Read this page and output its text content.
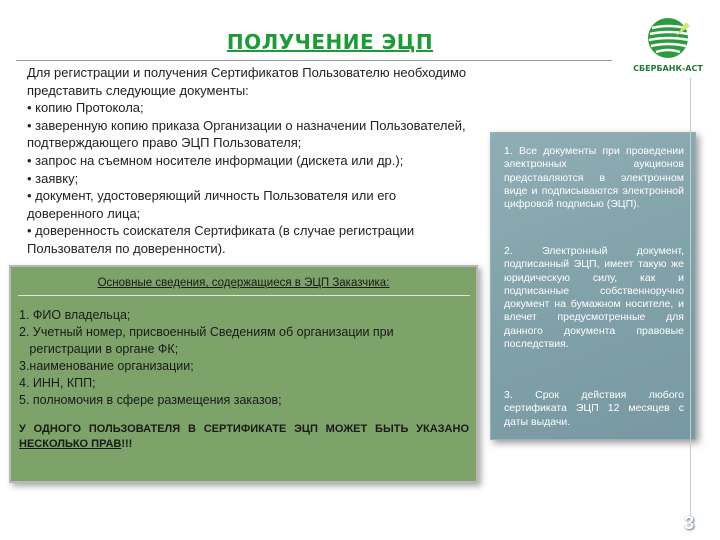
ПОЛУЧЕНИЕ ЭЦП
СБЕРБАНК-АСТ
Для регистрации и получения Сертификатов Пользователю необходимо
представить следующие документы:
• копию Протокола;
• заверенную копию приказа Организации о назначении Пользователей,
подтверждающего право ЭЦП Пользователя;
• запрос на съемном носителе информации (дискета или др.);
• заявку;
• документ, удостоверяющий личность Пользователя или его
доверенного лица;
• доверенность соискателя Сертификата (в случае регистрации
Пользователя по доверенности).
Основные сведения, содержащиеся в ЭЦП Заказчика:
1. ФИО владельца;
2. Учетный номер, присвоенный Сведениям об организации при
регистрации в органе ФК;
3.наименование организации;
4. ИНН, КПП;
5. полномочия в сфере размещения заказов;
У ОДНОГО ПОЛЬЗОВАТЕЛЯ В СЕРТИФИКАТЕ ЭЦП МОЖЕТ БЫТЬ УКАЗАНО НЕСКОЛЬКО ПРАВ!!!
1. Все документы при проведении электронных аукционов представляются в электронном виде и подписываются электронной цифровой подписью (ЭЦП).
2. Электронный документ, подписанный ЭЦП, имеет такую же юридическую силу, как и подписанные собственноручно документ на бумажном носителе, и влечет предусмотренные для данного документа правовые последствия.
3. Срок действия любого сертификата ЭЦП 12 месяцев с даты выдачи.
3
